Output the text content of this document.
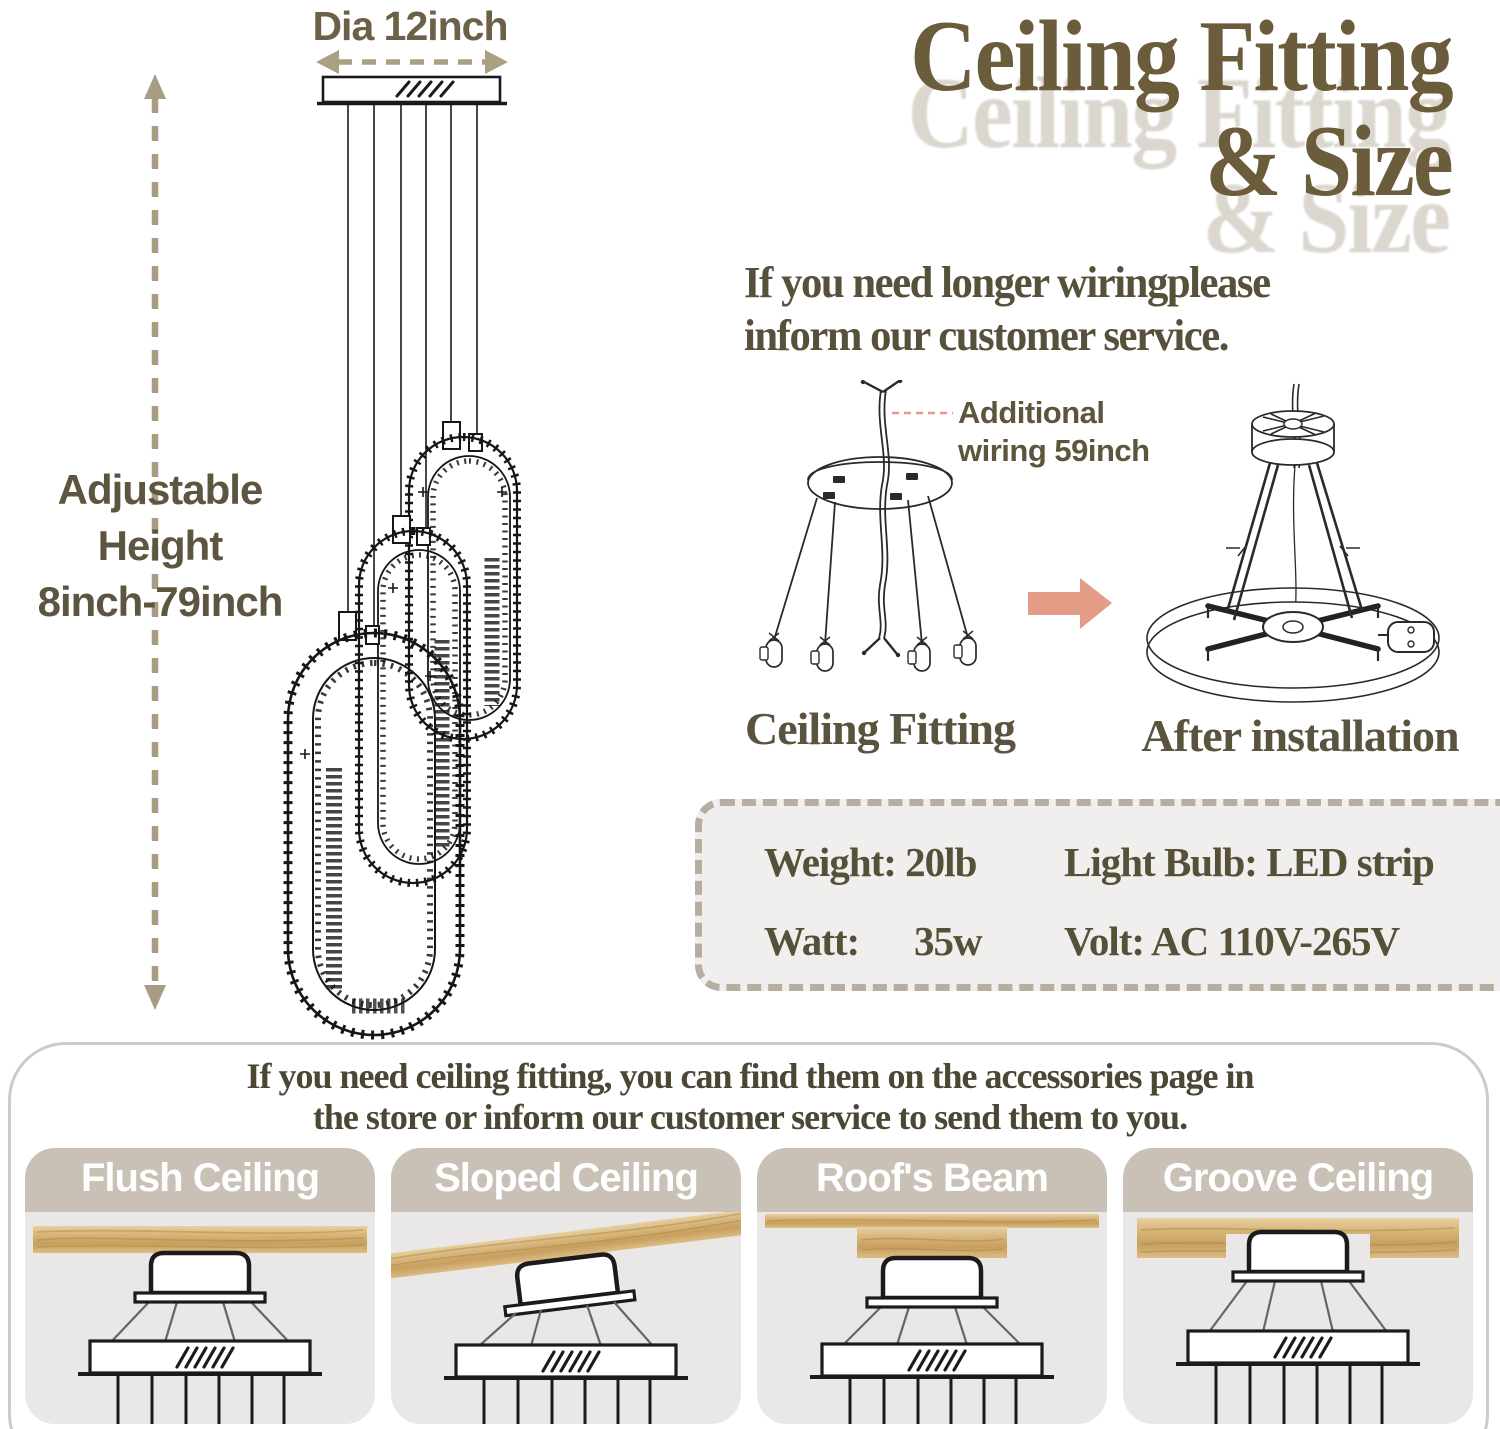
Dia 12inch
Adjustable
Height
8inch-79inch
Ceiling Fitting
& Size
If you need longer wiringplease
inform our customer service.
Additional
wiring 59inch
Ceiling Fitting	After installation
Weight: 20lb	Light Bulb: LED strip
Watt: 35w	Volt: AC 110V-265V
If you need ceiling fitting, you can find them on the accessories page in
the store or inform our customer service to send them to you.
Flush Ceiling	Sloped Ceiling	Roof's Beam	Groove Ceiling
